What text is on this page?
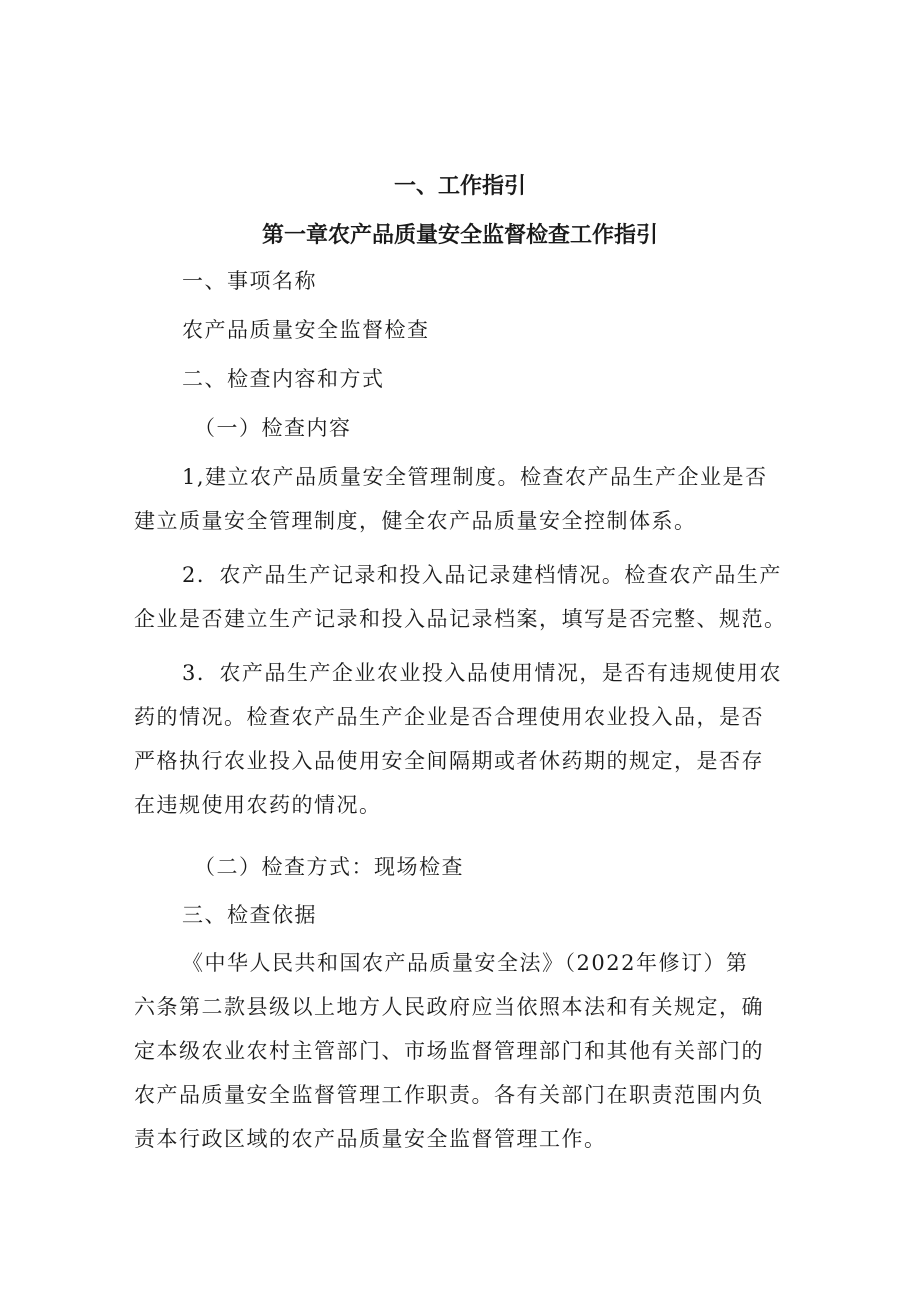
一、工作指引
第一章农产品质量安全监督检查工作指引

一、事项名称

农产品质量安全监督检查

二、检查内容和方式

（一）检查内容

1,建立农产品质量安全管理制度。检查农产品生产企业是否
建立质量安全管理制度，健全农产品质量安全控制体系。
2．农产品生产记录和投入品记录建档情况。检查农产品生产
企业是否建立生产记录和投入品记录档案，填写是否完整、规范。
3．农产品生产企业农业投入品使用情况，是否有违规使用农
药的情况。检查农产品生产企业是否合理使用农业投入品，是否
严格执行农业投入品使用安全间隔期或者休药期的规定，是否存
在违规使用农药的情况。

（二）检查方式：现场检查

三、检查依据

《中华人民共和国农产品质量安全法》（2022年修订）第
六条第二款县级以上地方人民政府应当依照本法和有关规定，确
定本级农业农村主管部门、市场监督管理部门和其他有关部门的
农产品质量安全监督管理工作职责。各有关部门在职责范围内负
责本行政区域的农产品质量安全监督管理工作。
